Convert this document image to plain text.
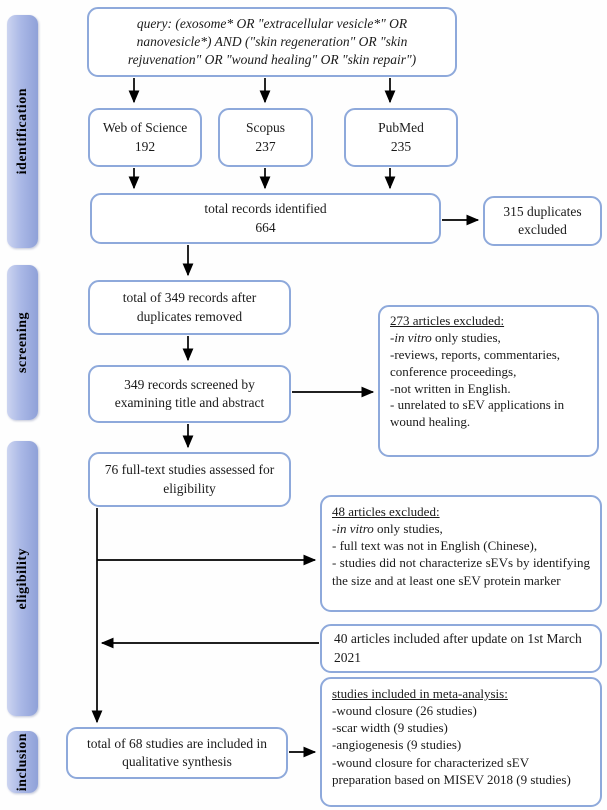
identification
screening
eligibility
inclusion
query: (exosome* OR "extracellular vesicle*" OR nanovesicle*) AND ("skin regeneration" OR "skin rejuvenation" OR "wound healing" OR "skin repair")
Web of Science
192
Scopus
237
PubMed
235
total records identified
664
315 duplicates excluded
total of 349 records after duplicates removed
349 records screened by examining title and abstract
273 articles excluded:
-in vitro only studies,
-reviews, reports, commentaries, conference proceedings,
-not written in English.
- unrelated to sEV applications in wound healing.
76 full-text studies assessed for eligibility
48 articles excluded:
-in vitro only studies,
- full text was not in English (Chinese),
- studies did not characterize sEVs by identifying the size and at least one sEV protein marker
40 articles included after update on 1st March 2021
studies included in meta-analysis:
-wound closure (26 studies)
-scar width (9 studies)
-angiogenesis (9 studies)
-wound closure for characterized sEV preparation based on MISEV 2018 (9 studies)
total of 68 studies are included in qualitative synthesis
